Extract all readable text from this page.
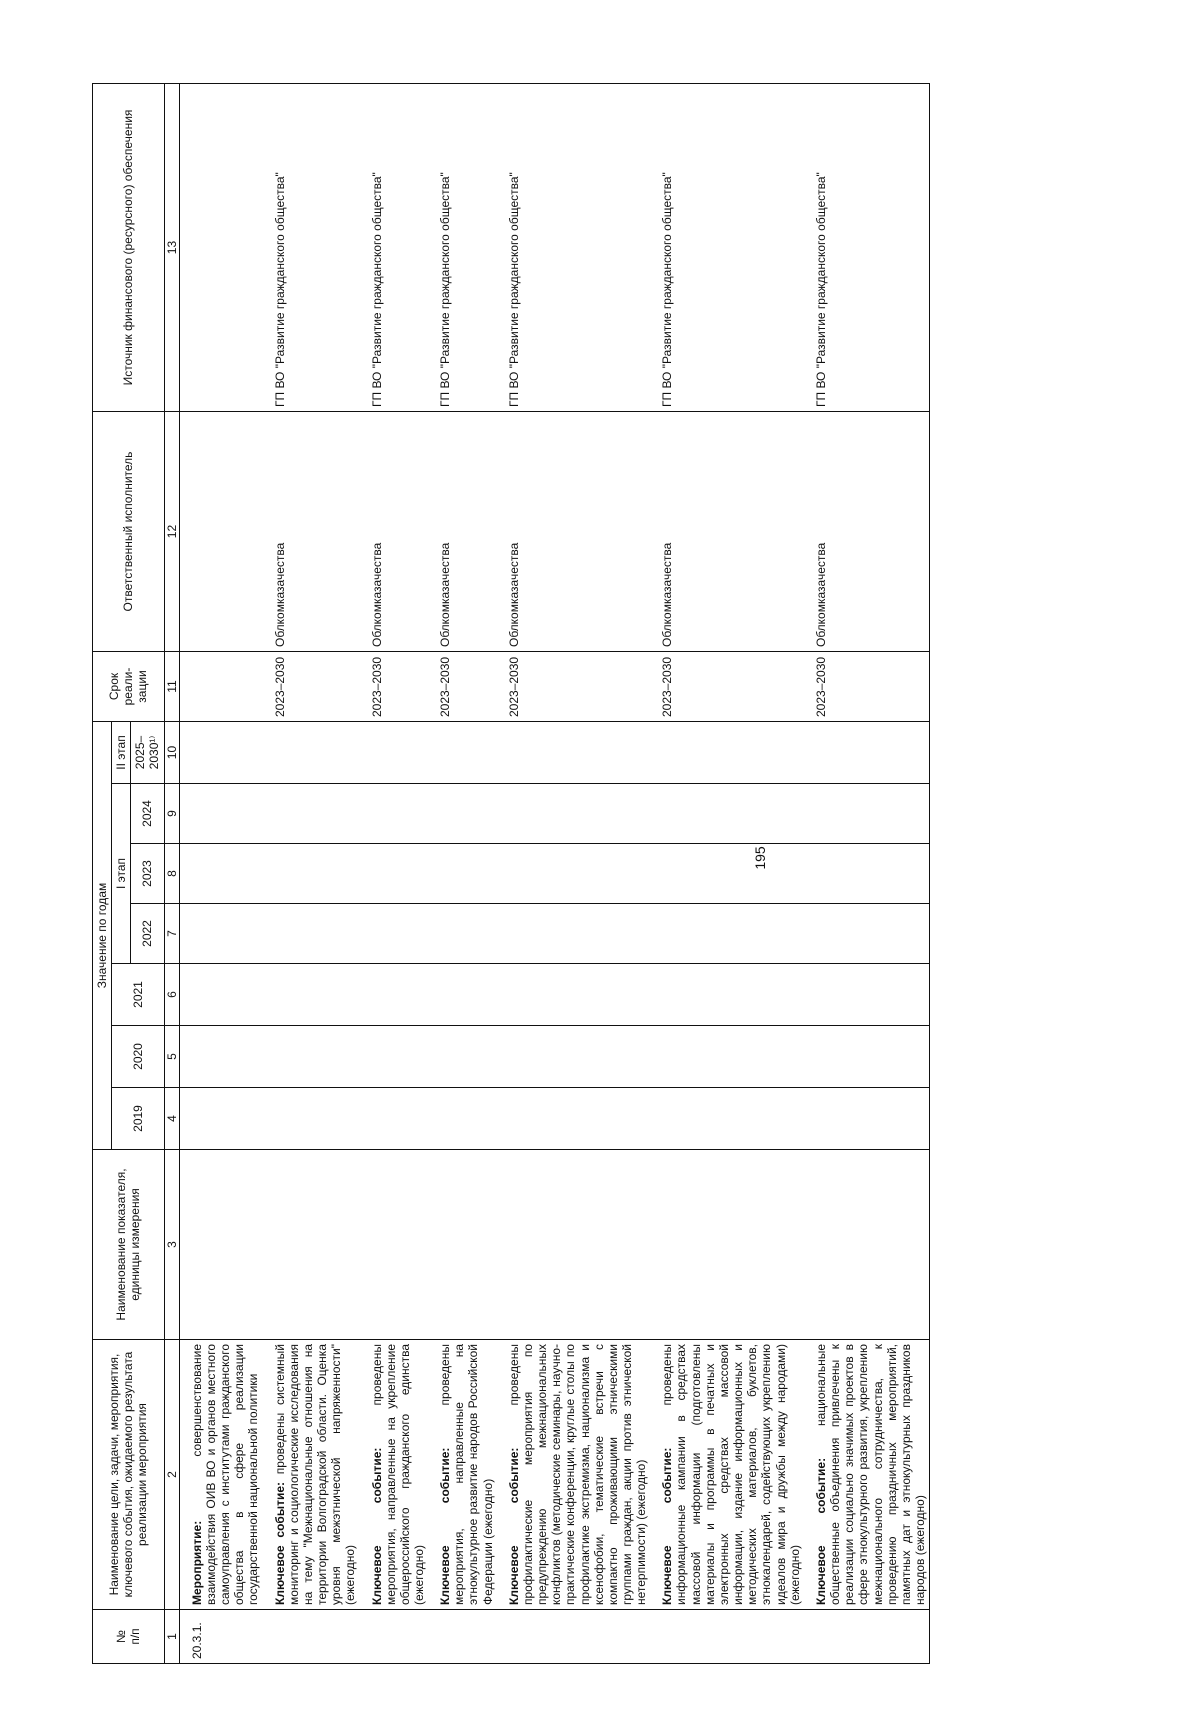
195
№
п/п	Наименование цели, задачи, мероприятия, ключевого события, ожидаемого результата реализации мероприятия	Наименование показателя, единицы измерения	Значение по годам							Срок реали-зации	Ответственный исполнитель	Источник финансового (ресурсного) обеспечения
			2019	2020	2021	I этап			II этап			
						2022	2023	2024	2025–2030¹⁾			
1	2	3	4	5	6	7	8	9	10	11	12	13
20.3.1.	Мероприятие: совершенствование взаимодействия ОИВ ВО и органов местного самоуправления с институтами гражданского общества в сфере реализации государственной национальной политики											
	Ключевое событие: проведены системный мониторинг и социологические исследования на тему "Межнациональные отношения на территории Волгоградской области. Оценка уровня межэтнической напряженности" (ежегодно)									2023–2030	Облкомказачества	ГП ВО "Развитие гражданского общества"
	Ключевое событие: проведены мероприятия, направленные на укрепление общероссийского гражданского единства (ежегодно)									2023–2030	Облкомказачества	ГП ВО "Развитие гражданского общества"
	Ключевое событие: проведены мероприятия, направленные на этнокультурное развитие народов Российской Федерации (ежегодно)									2023–2030	Облкомказачества	ГП ВО "Развитие гражданского общества"
	Ключевое событие: проведены профилактические мероприятия по предупреждению межнациональных конфликтов (методические семинары, научно-практические конференции, круглые столы по профилактике экстремизма, национализма и ксенофобии, тематические встречи с компактно проживающими этническими группами граждан, акции против этнической нетерпимости) (ежегодно)									2023–2030	Облкомказачества	ГП ВО "Развитие гражданского общества"
	Ключевое событие: проведены информационные кампании в средствах массовой информации (подготовлены материалы и программы в печатных и электронных средствах массовой информации, издание информационных и методических материалов, буклетов, этнокалендарей, содействующих укреплению идеалов мира и дружбы между народами) (ежегодно)									2023–2030	Облкомказачества	ГП ВО "Развитие гражданского общества"
	Ключевое событие: национальные общественные объединения привлечены к реализации социально значимых проектов в сфере этнокультурного развития, укреплению межнационального сотрудничества, к проведению праздничных мероприятий, памятных дат и этнокультурных праздников народов (ежегодно)									2023–2030	Облкомказачества	ГП ВО "Развитие гражданского общества"
